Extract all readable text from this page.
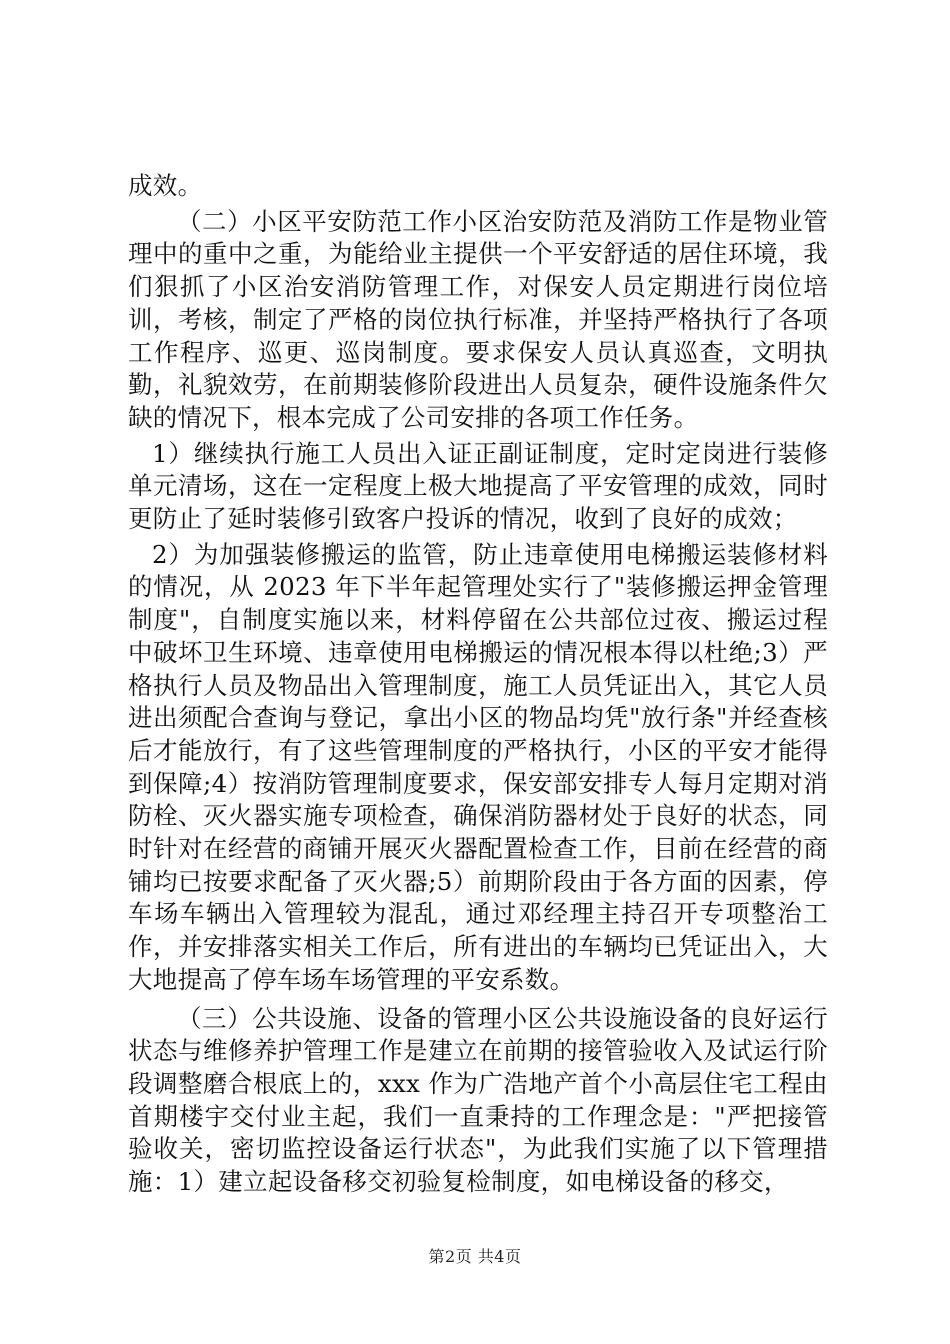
成效。

（二）小区平安防范工作小区治安防范及消防工作是物业管理中的重中之重，为能给业主提供一个平安舒适的居住环境，我们狠抓了小区治安消防管理工作，对保安人员定期进行岗位培训，考核，制定了严格的岗位执行标准，并坚持严格执行了各项工作程序、巡更、巡岗制度。要求保安人员认真巡查，文明执勤，礼貌效劳，在前期装修阶段进出人员复杂，硬件设施条件欠缺的情况下，根本完成了公司安排的各项工作任务。

1）继续执行施工人员出入证正副证制度，定时定岗进行装修单元清场，这在一定程度上极大地提高了平安管理的成效，同时更防止了延时装修引致客户投诉的情况，收到了良好的成效；

2）为加强装修搬运的监管，防止违章使用电梯搬运装修材料的情况，从 2023 年下半年起管理处实行了"装修搬运押金管理制度"，自制度实施以来，材料停留在公共部位过夜、搬运过程中破坏卫生环境、违章使用电梯搬运的情况根本得以杜绝;3）严格执行人员及物品出入管理制度，施工人员凭证出入，其它人员进出须配合查询与登记，拿出小区的物品均凭"放行条"并经查核后才能放行，有了这些管理制度的严格执行，小区的平安才能得到保障;4）按消防管理制度要求，保安部安排专人每月定期对消防栓、灭火器实施专项检查，确保消防器材处于良好的状态，同时针对在经营的商铺开展灭火器配置检查工作，目前在经营的商铺均已按要求配备了灭火器;5）前期阶段由于各方面的因素，停车场车辆出入管理较为混乱，通过邓经理主持召开专项整治工作，并安排落实相关工作后，所有进出的车辆均已凭证出入，大大地提高了停车场车场管理的平安系数。

（三）公共设施、设备的管理小区公共设施设备的良好运行状态与维修养护管理工作是建立在前期的接管验收入及试运行阶段调整磨合根底上的，xxx 作为广浩地产首个小高层住宅工程由首期楼宇交付业主起，我们一直秉持的工作理念是："严把接管验收关，密切监控设备运行状态"，为此我们实施了以下管理措施：1）建立起设备移交初验复检制度，如电梯设备的移交，

第2页 共4页
